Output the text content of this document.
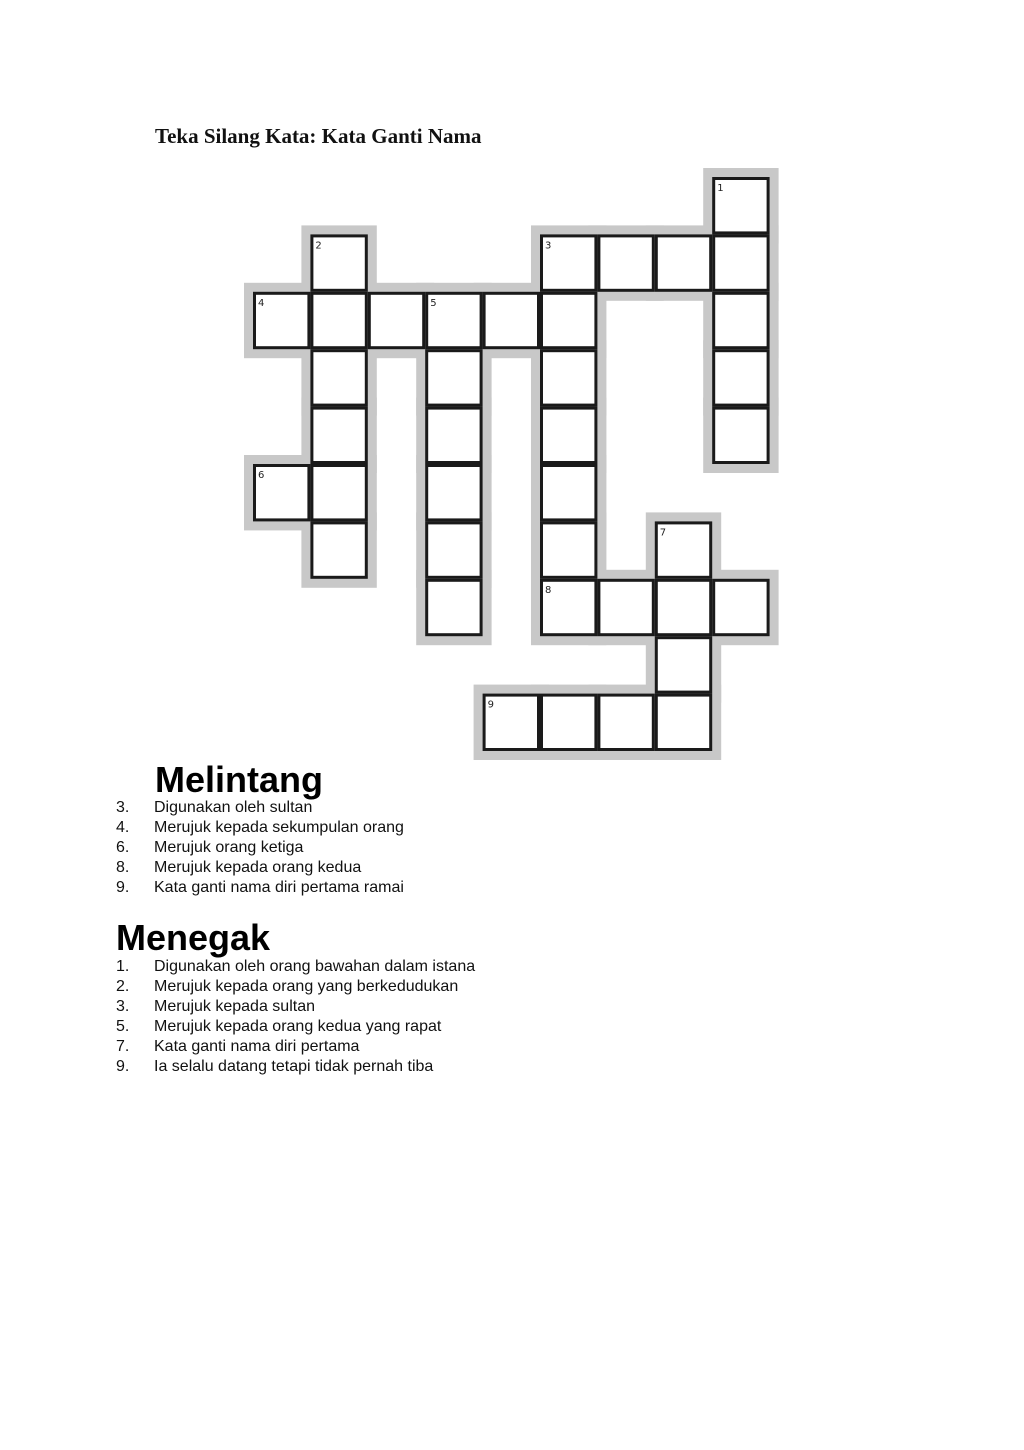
Teka Silang Kata: Kata Ganti Nama
1
2	3
4	5
6
7
8
9
Melintang
3.	Digunakan oleh sultan
4.	Merujuk kepada sekumpulan orang
6.	Merujuk orang ketiga
8.	Merujuk kepada orang kedua
9.	Kata ganti nama diri pertama ramai
Menegak
1.	Digunakan oleh orang bawahan dalam istana
2.	Merujuk kepada orang yang berkedudukan
3.	Merujuk kepada sultan
5.	Merujuk kepada orang kedua yang rapat
7.	Kata ganti nama diri pertama
9.	Ia selalu datang tetapi tidak pernah tiba
